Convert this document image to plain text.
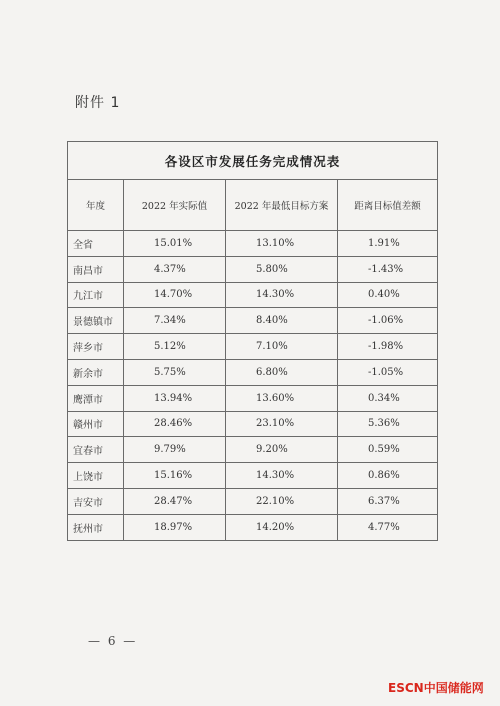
附件 1
各设区市发展任务完成情况表			
年度	2022 年实际值	2022 年最低目标方案	距离目标值差额
全省	15.01%	13.10%	1.91%
南昌市	4.37%	5.80%	-1.43%
九江市	14.70%	14.30%	0.40%
景德镇市	7.34%	8.40%	-1.06%
萍乡市	5.12%	7.10%	-1.98%
新余市	5.75%	6.80%	-1.05%
鹰潭市	13.94%	13.60%	0.34%
赣州市	28.46%	23.10%	5.36%
宜春市	9.79%	9.20%	0.59%
上饶市	15.16%	14.30%	0.86%
吉安市	28.47%	22.10%	6.37%
抚州市	18.97%	14.20%	4.77%
— 6 —
ESCN中国储能网
